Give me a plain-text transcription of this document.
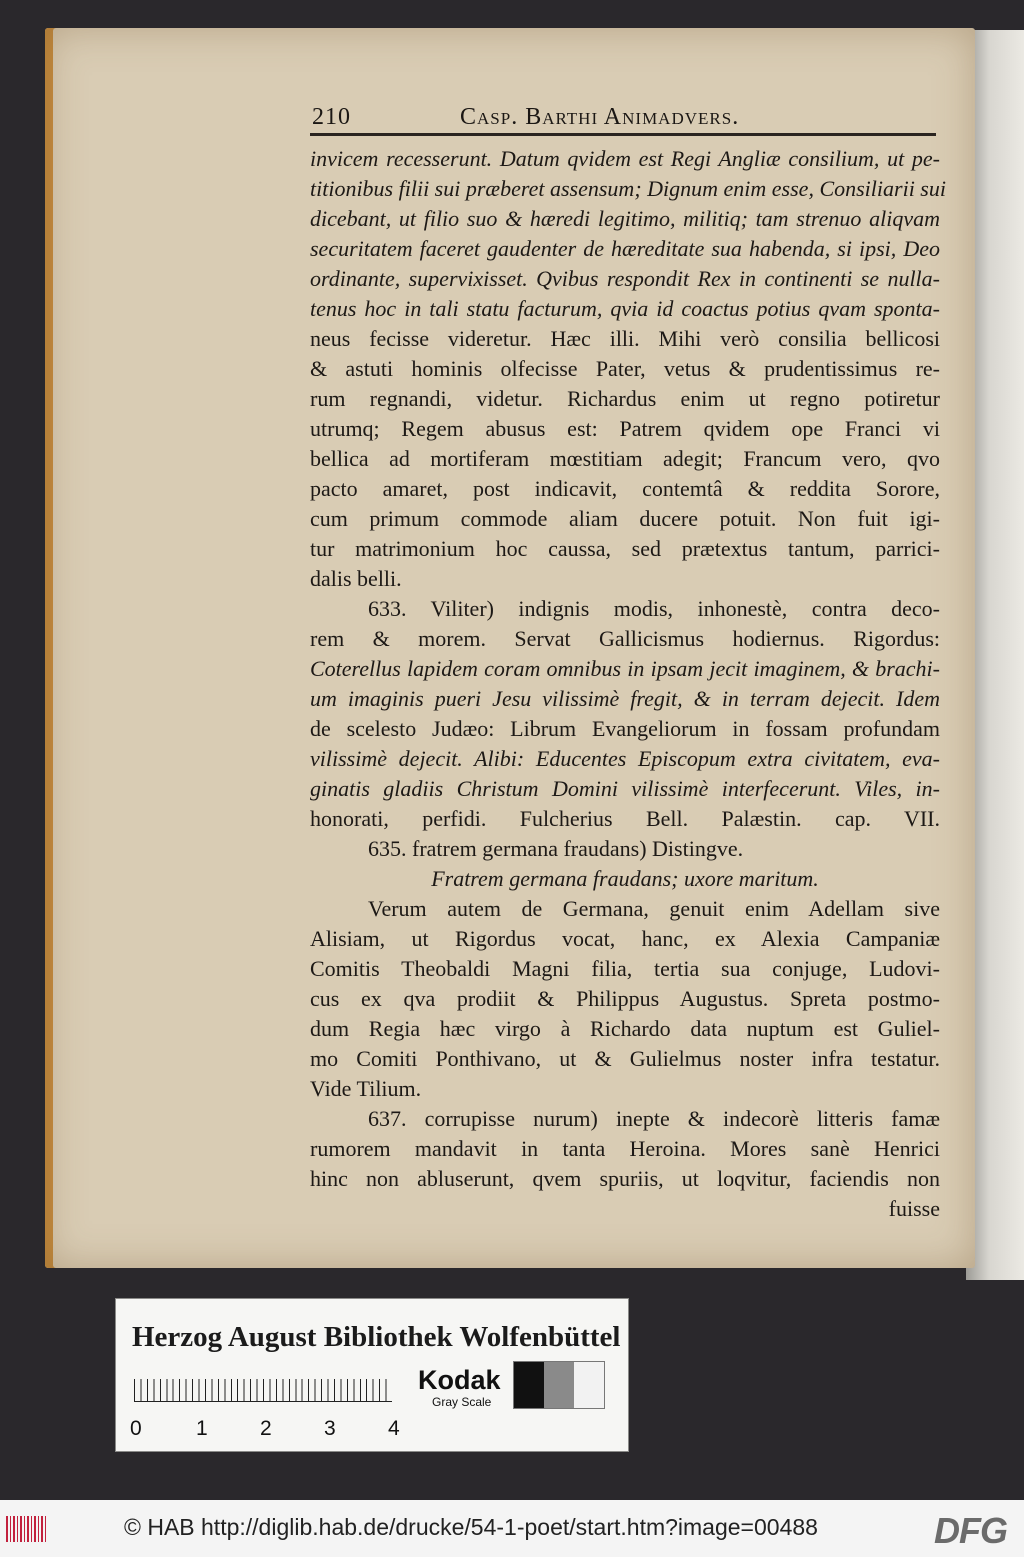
210	Casp. Barthi Animadvers.
invicem recesserunt. Datum qvidem est Regi Angliæ consilium, ut pe-
titionibus filii sui præberet assensum; Dignum enim esse, Consiliarii sui
dicebant, ut filio suo & hæredi legitimo, militiq; tam strenuo aliqvam
securitatem faceret gaudenter de hæreditate sua habenda, si ipsi, Deo
ordinante, supervixisset. Qvibus respondit Rex in continenti se nulla-
tenus hoc in tali statu facturum, qvia id coactus potius qvam sponta-
neus fecisse videretur. Hæc illi. Mihi verò consilia bellicosi
& astuti hominis olfecisse Pater, vetus & prudentissimus re-
rum regnandi, videtur. Richardus enim ut regno potiretur
utrumq; Regem abusus est: Patrem qvidem ope Franci vi
bellica ad mortiferam mœstitiam adegit; Francum vero, qvo
pacto amaret, post indicavit, contemtâ & reddita Sorore,
cum primum commode aliam ducere potuit. Non fuit igi-
tur matrimonium hoc caussa, sed prætextus tantum, parrici-
dalis belli.
633. Viliter) indignis modis, inhonestè, contra deco-
rem & morem. Servat Gallicismus hodiernus. Rigordus:
Coterellus lapidem coram omnibus in ipsam jecit imaginem, & brachi-
um imaginis pueri Jesu vilissimè fregit, & in terram dejecit. Idem
de scelesto Judæo: Librum Evangeliorum in fossam profundam
vilissimè dejecit. Alibi: Educentes Episcopum extra civitatem, eva-
ginatis gladiis Christum Domini vilissimè interfecerunt. Viles, in-
honorati, perfidi. Fulcherius Bell. Palæstin. cap. VII.
635. fratrem germana fraudans) Distingve.
Fratrem germana fraudans; uxore maritum.
Verum autem de Germana, genuit enim Adellam sive
Alisiam, ut Rigordus vocat, hanc, ex Alexia Campaniæ
Comitis Theobaldi Magni filia, tertia sua conjuge, Ludovi-
cus ex qva prodiit & Philippus Augustus. Spreta postmo-
dum Regia hæc virgo à Richardo data nuptum est Guliel-
mo Comiti Ponthivano, ut & Gulielmus noster infra testatur.
Vide Tilium.
637. corrupisse nurum) inepte & indecorè litteris famæ
rumorem mandavit in tanta Heroina. Mores sanè Henrici
hinc non abluserunt, qvem spuriis, ut loqvitur, faciendis non
fuisse
Herzog August Bibliothek Wolfenbüttel
0	1 2 3 4
Kodak
Gray Scale
© HAB http://diglib.hab.de/drucke/54-1-poet/start.htm?image=00488	DFG
